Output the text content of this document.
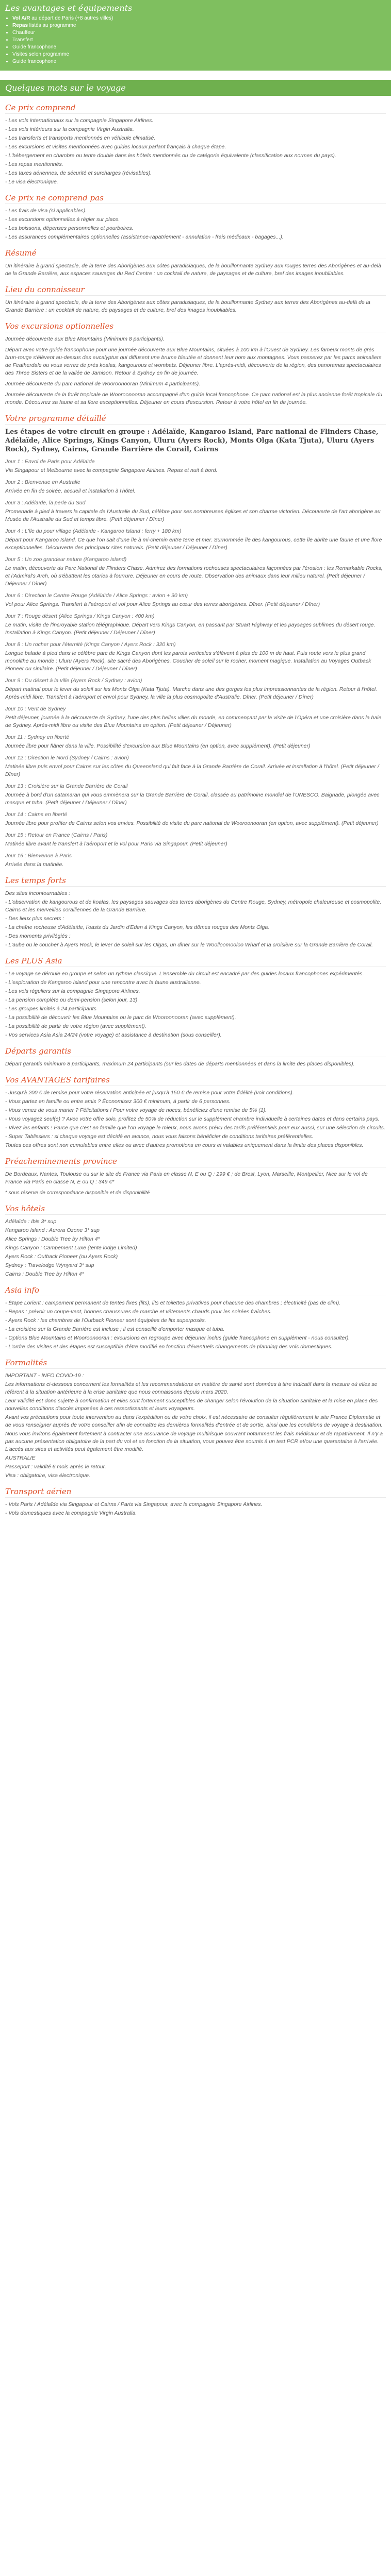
Les avantages et équipements
• Vol A/R au départ de Paris (+8 autres villes)
• Repas listés au programme
• Chauffeur
• Transfert
• Guide francophone
• Visites selon programme
• Guide francophone
Quelques mots sur le voyage
Ce prix comprend

- Les vols internationaux sur la compagnie Singapore Airlines.

- Les vols intérieurs sur la compagnie Virgin Australia.

- Les transferts et transports mentionnés en véhicule climatisé.

- Les excursions et visites mentionnées avec guides locaux parlant français à chaque étape.

- L'hébergement en chambre ou tente double dans les hôtels mentionnés ou de catégorie équivalente (classification aux normes du pays).

- Les repas mentionnés.

- Les taxes aériennes, de sécurité et surcharges (révisables).

- Le visa électronique.

Ce prix ne comprend pas

- Les frais de visa (si applicables).

- Les excursions optionnelles à régler sur place.

- Les boissons, dépenses personnelles et pourboires.

- Les assurances complémentaires optionnelles (assistance-rapatriement - annulation - frais médicaux - bagages...).

Résumé

Un itinéraire à grand spectacle, de la terre des Aborigènes aux côtes paradisiaques, de la bouillonnante Sydney aux rouges terres des Aborigènes et au-delà de la Grande Barrière, aux espaces sauvages du Red Centre : un cocktail de nature, de paysages et de culture, bref des images inoubliables.

Lieu du connaisseur

Un itinéraire à grand spectacle, de la terre des Aborigènes aux côtes paradisiaques, de la bouillonnante Sydney aux terres des Aborigènes au-delà de la Grande Barrière : un cocktail de nature, de paysages et de culture, bref des images inoubliables.

Vos excursions optionnelles

Journée découverte aux Blue Mountains (Minimum 8 participants).

Départ avec votre guide francophone pour une journée découverte aux Blue Mountains, situées à 100 km à l'Ouest de Sydney. Les fameux monts de grès brun-rouge s'élèvent au-dessus des eucalyptus qui diffusent une brume bleutée et donnent leur nom aux montagnes. Vous passerez par les parcs animaliers de Featherdale ou vous verrez de près koalas, kangourous et wombats. Déjeuner libre. L'après-midi, découverte de la région, des panoramas spectaculaires des Three Sisters et de la vallée de Jamison. Retour à Sydney en fin de journée.

Journée découverte du parc national de Wooroonooran (Minimum 4 participants).

Journée découverte de la forêt tropicale de Wooroonooran accompagné d'un guide local francophone. Ce parc national est la plus ancienne forêt tropicale du monde. Découvrez sa faune et sa flore exceptionnelles. Déjeuner en cours d'excursion. Retour à votre hôtel en fin de journée.

Votre programme détaillé
Les étapes de votre circuit en groupe : Adélaïde, Kangaroo Island, Parc national de Flinders Chase, Adélaïde, Alice Springs, Kings Canyon, Uluru (Ayers Rock), Monts Olga (Kata Tjuta), Uluru (Ayers Rock), Sydney, Cairns, Grande Barrière de Corail, Cairns
Jour 1 : Envol de Paris pour Adélaïde

Via Singapour et Melbourne avec la compagnie Singapore Airlines. Repas et nuit à bord.

Jour 2 : Bienvenue en Australie

Arrivée en fin de soirée, accueil et installation à l'hôtel.

Jour 3 : Adélaïde, la perle du Sud

Promenade à pied à travers la capitale de l'Australie du Sud, célèbre pour ses nombreuses églises et son charme victorien. Découverte de l'art aborigène au Musée de l'Australie du Sud et temps libre. (Petit déjeuner / Dîner)

Jour 4 : L'île du pour village (Adélaïde - Kangaroo Island : ferry + 180 km)

Départ pour Kangaroo Island. Ce que l'on sait d'une île à mi-chemin entre terre et mer. Surnommée île des kangourous, cette île abrite une faune et une flore exceptionnelles. Découverte des principaux sites naturels. (Petit déjeuner / Déjeuner / Dîner)

Jour 5 : Un zoo grandeur nature (Kangaroo Island)

Le matin, découverte du Parc National de Flinders Chase. Admirez des formations rocheuses spectaculaires façonnées par l'érosion : les Remarkable Rocks, et l'Admiral's Arch, où s'ébattent les otaries à fourrure. Déjeuner en cours de route. Observation des animaux dans leur milieu naturel. (Petit déjeuner / Déjeuner / Dîner)

Jour 6 : Direction le Centre Rouge (Adélaïde / Alice Springs : avion + 30 km)

Vol pour Alice Springs. Transfert à l'aéroport et vol pour Alice Springs au cœur des terres aborigènes. Dîner. (Petit déjeuner / Dîner)

Jour 7 : Rouge désert (Alice Springs / Kings Canyon : 400 km)

Le matin, visite de l'incroyable station télégraphique. Départ vers Kings Canyon, en passant par Stuart Highway et les paysages sublimes du désert rouge. Installation à Kings Canyon. (Petit déjeuner / Déjeuner / Dîner)

Jour 8 : Un rocher pour l'éternité (Kings Canyon / Ayers Rock : 320 km)

Longue balade à pied dans le célèbre parc de Kings Canyon dont les parois verticales s'élèvent à plus de 100 m de haut. Puis route vers le plus grand monolithe au monde : Uluru (Ayers Rock), site sacré des Aborigènes. Coucher de soleil sur le rocher, moment magique. Installation au Voyages Outback Pioneer ou similaire. (Petit déjeuner / Déjeuner / Dîner)

Jour 9 : Du désert à la ville (Ayers Rock / Sydney : avion)

Départ matinal pour le lever du soleil sur les Monts Olga (Kata Tjuta). Marche dans une des gorges les plus impressionnantes de la région. Retour à l'hôtel. Après-midi libre. Transfert à l'aéroport et envol pour Sydney, la ville la plus cosmopolite d'Australie. Dîner. (Petit déjeuner / Dîner)

Jour 10 : Vent de Sydney

Petit déjeuner, journée à la découverte de Sydney, l'une des plus belles villes du monde, en commençant par la visite de l'Opéra et une croisière dans la baie de Sydney. Après-midi libre ou visite des Blue Mountains en option. (Petit déjeuner / Déjeuner)

Jour 11 : Sydney en liberté

Journée libre pour flâner dans la ville. Possibilité d'excursion aux Blue Mountains (en option, avec supplément). (Petit déjeuner)

Jour 12 : Direction le Nord (Sydney / Cairns : avion)

Matinée libre puis envol pour Cairns sur les côtes du Queensland qui fait face à la Grande Barrière de Corail. Arrivée et installation à l'hôtel. (Petit déjeuner / Dîner)

Jour 13 : Croisière sur la Grande Barrière de Corail

Journée à bord d'un catamaran qui vous emmènera sur la Grande Barrière de Corail, classée au patrimoine mondial de l'UNESCO. Baignade, plongée avec masque et tuba. (Petit déjeuner / Déjeuner / Dîner)

Jour 14 : Cairns en liberté

Journée libre pour profiter de Cairns selon vos envies. Possibilité de visite du parc national de Wooroonooran (en option, avec supplément). (Petit déjeuner)

Jour 15 : Retour en France (Cairns / Paris)

Matinée libre avant le transfert à l'aéroport et le vol pour Paris via Singapour. (Petit déjeuner)

Jour 16 : Bienvenue à Paris

Arrivée dans la matinée.

Les temps forts

Des sites incontournables :

- L'observation de kangourous et de koalas, les paysages sauvages des terres aborigènes du Centre Rouge, Sydney, métropole chaleureuse et cosmopolite, Cairns et les merveilles coralliennes de la Grande Barrière.

- Des lieux plus secrets :

- La chaîne rocheuse d'Adélaïde, l'oasis du Jardin d'Eden à Kings Canyon, les dômes rouges des Monts Olga.

- Des moments privilégiés :

- L'aube ou le coucher à Ayers Rock, le lever de soleil sur les Olgas, un dîner sur le Woolloomooloo Wharf et la croisière sur la Grande Barrière de Corail.

Les PLUS Asia

- Le voyage se déroule en groupe et selon un rythme classique. L'ensemble du circuit est encadré par des guides locaux francophones expérimentés.

- L'exploration de Kangaroo Island pour une rencontre avec la faune australienne.

- Les vols réguliers sur la compagnie Singapore Airlines.

- La pension complète ou demi-pension (selon jour, 13)

- Les groupes limités à 24 participants

- La possibilité de découvrir les Blue Mountains ou le parc de Wooroonooran (avec supplément).

- La possibilité de partir de votre région (avec supplément).

- Vos services Asia Asia 24/24 (votre voyage) et assistance à destination (sous conseiller).

Départs garantis

Départ garantis minimum 8 participants, maximum 24 participants (sur les dates de départs mentionnées et dans la limite des places disponibles).

Vos AVANTAGES tarifaires

- Jusqu'à 200 € de remise pour votre réservation anticipée et jusqu'à 150 € de remise pour votre fidélité (voir conditions).

- Vous partez en famille ou entre amis ? Économisez 300 € minimum, à partir de 6 personnes.

- Vous venez de vous marier ? Félicitations ! Pour votre voyage de noces, bénéficiez d'une remise de 5% (1).

- Vous voyagez seul(e) ? Avec votre offre solo, profitez de 50% de réduction sur le supplément chambre individuelle à certaines dates et dans certains pays.

- Vivez les enfants ! Parce que c'est en famille que l'on voyage le mieux, nous avons prévu des tarifs préférentiels pour eux aussi, sur une sélection de circuits.

- Super Tablissiers : si chaque voyage est décidé en avance, nous vous faisons bénéficier de conditions tarifaires préférentielles.

Toutes ces offres sont non cumulables entre elles ou avec d'autres promotions en cours et valables uniquement dans la limite des places disponibles.

Préacheminements province

De Bordeaux, Nantes, Toulouse ou sur le site de France via Paris en classe N, E ou Q : 299 € ; de Brest, Lyon, Marseille, Montpellier, Nice sur le vol de France via Paris en classe N, E ou Q : 349 €*

* sous réserve de correspondance disponible et de disponibilité

Vos hôtels

Adélaïde : Ibis 3* sup

Kangaroo Island : Aurora Ozone 3* sup

Alice Springs : Double Tree by Hilton 4*

Kings Canyon : Campement Luxe (tente lodge Limited)

Ayers Rock : Outback Pioneer (ou Ayers Rock)

Sydney : Travelodge Wynyard 3* sup

Cairns : Double Tree by Hilton 4*

Asia info

- Étape Lorient : campement permanent de tentes fixes (lits), lits et toilettes privatives pour chacune des chambres ; électricité (pas de clim).

- Repas : prévoir un coupe-vent, bonnes chaussures de marche et vêtements chauds pour les soirées fraîches.

- Ayers Rock : les chambres de l'Outback Pioneer sont équipées de lits superposés.

- La croisière sur la Grande Barrière est incluse ; il est conseillé d'emporter masque et tuba.

- Options Blue Mountains et Wooroonooran : excursions en regroupe avec déjeuner inclus (guide francophone en supplément - nous consulter).

- L'ordre des visites et des étapes est susceptible d'être modifié en fonction d'éventuels changements de planning des vols domestiques.

Formalités

IMPORTANT - INFO COVID-19 :

Les informations ci-dessous concernent les formalités et les recommandations en matière de santé sont données à titre indicatif dans la mesure où elles se réfèrent à la situation antérieure à la crise sanitaire que nous connaissons depuis mars 2020.

Leur validité est donc sujette à confirmation et elles sont fortement susceptibles de changer selon l'évolution de la situation sanitaire et la mise en place des nouvelles conditions d'accès imposées à ces ressortissants et leurs voyageurs.

Avant vos précautions pour toute intervention au dans l'expédition ou de votre choix, il est nécessaire de consulter régulièrement le site France Diplomatie et de vous renseigner auprès de votre conseiller afin de connaître les dernières formalités d'entrée et de sortie, ainsi que les conditions de voyage à destination.

Nous vous invitons également fortement à contracter une assurance de voyage multirisque couvrant notamment les frais médicaux et de rapatriement. Il n'y a pas aucune présentation obligatoire de la part du vol et en fonction de la situation, vous pouvez être soumis à un test PCR et/ou une quarantaine à l'arrivée. L'accès aux sites et activités peut également être modifié.

AUSTRALIE

Passeport : validité 6 mois après le retour.

Visa : obligatoire, visa électronique.

Transport aérien

- Vols Paris / Adélaïde via Singapour et Cairns / Paris via Singapour, avec la compagnie Singapore Airlines.

- Vols domestiques avec la compagnie Virgin Australia.
